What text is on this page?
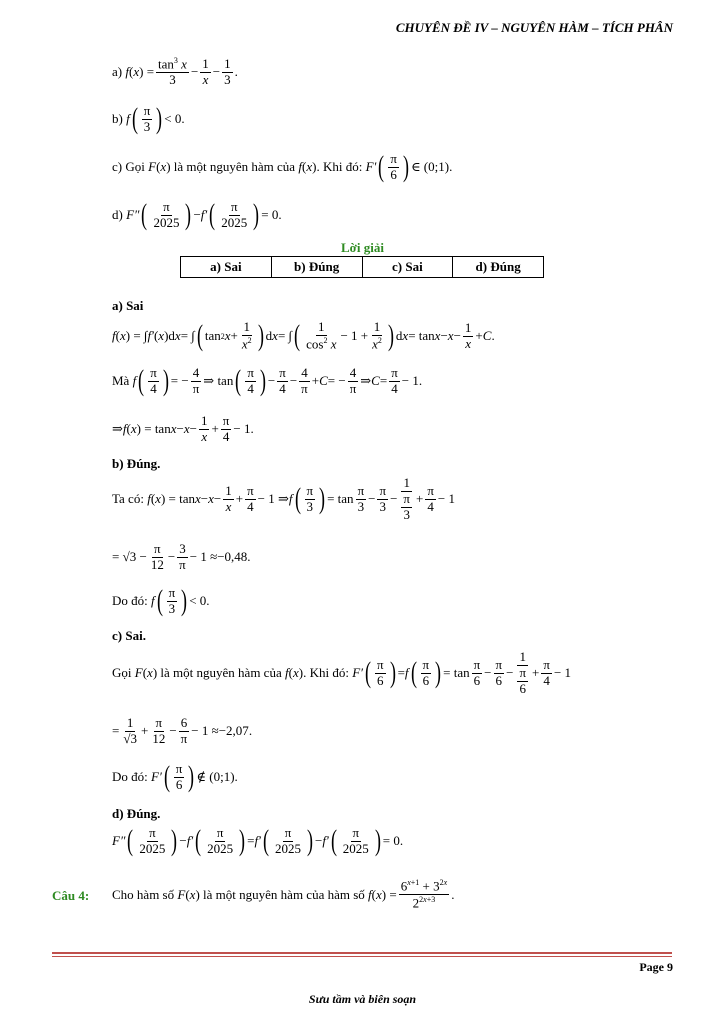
CHUYÊN ĐỀ IV – NGUYÊN HÀM – TÍCH PHÂN
a)
f ( x ) = $\frac{\tan^3 x}{3} - \frac{1}{x} - \frac{1}{3}$ .
b)
f ( $\frac{\pi}{3}$ ) < 0.
c) Gọi
F ( x ) là một nguyên hàm của
f ( x ) . Khi đó:
F′ ( $\frac{\pi}{6}$ ) ∈ (0;1).
d)
F″ ( $\frac{\pi}{2025}$ ) − f′ ( $\frac{\pi}{2025}$ ) = 0.
Lời giải
a) Sai	b) Đúng	c) Sai	d) Đúng
a) Sai
f ( x ) = ∫ f′ ( x )d x = ∫ ( tan 2 $x + \frac{1}{x^2}$ ) d x = ∫ ( $\frac{1}{\cos^2 x} - 1 + \frac{1}{x^2}$ ) d $x = \tan x - x - \frac{1}{x} + C$ .
Mà
f ( $\frac{\pi}{4}$ ) = − $\frac{4}{\pi}$ ⇒ tan ( $\frac{\pi}{4}$ ) − $\frac{\pi}{4} - \frac{4}{\pi} + C$ = − $\frac{4}{\pi}$ ⇒ $C = \frac{\pi}{4} - 1$.
⇒ f ( x ) = $\tan x - x - \frac{1}{x} + \frac{\pi}{4} - 1$.
b) Đúng.
Ta có:
f ( x ) = $\tan x - x - \frac{1}{x} + \frac{\pi}{4} - 1$ ⇒ f ( $\frac{\pi}{3}$ ) = $\tan \frac{\pi}{3} - \frac{\pi}{3} - \frac{1}{\frac{\pi}{3}} + \frac{\pi}{4} - 1$
= $√3 - \frac{\pi}{12} - \frac{3}{\pi} - 1 \approx -0,48$ .
Do đó:
f ( $\frac{\pi}{3}$ ) < 0.
c) Sai.
Gọi
F ( x ) là một nguyên hàm của
f ( x ) . Khi đó:
F′ ( $\frac{\pi}{6}$ ) = f ( $\frac{\pi}{6}$ ) = $\tan \frac{\pi}{6} - \frac{\pi}{6} - \frac{1}{\frac{\pi}{6}} + \frac{\pi}{4} - 1$
= $\frac{1}{√3} + \frac{\pi}{12} - \frac{6}{\pi} - 1 \approx -2,07$ .
Do đó:
F′ ( $\frac{\pi}{6}$ ) ∉ (0;1).
d) Đúng.
F″ ( $\frac{\pi}{2025}$ ) − f′ ( $\frac{\pi}{2025}$ ) = f′ ( $\frac{\pi}{2025}$ ) − f′ ( $\frac{\pi}{2025}$ ) = 0.
Câu 4: Cho hàm số
F ( x ) là một nguyên hàm của hàm số
f ( x ) = $\frac{6^{x+1} + 3^{2x}}{2^{2x+3}}$ .
Page 9
Sưu tầm và biên soạn
